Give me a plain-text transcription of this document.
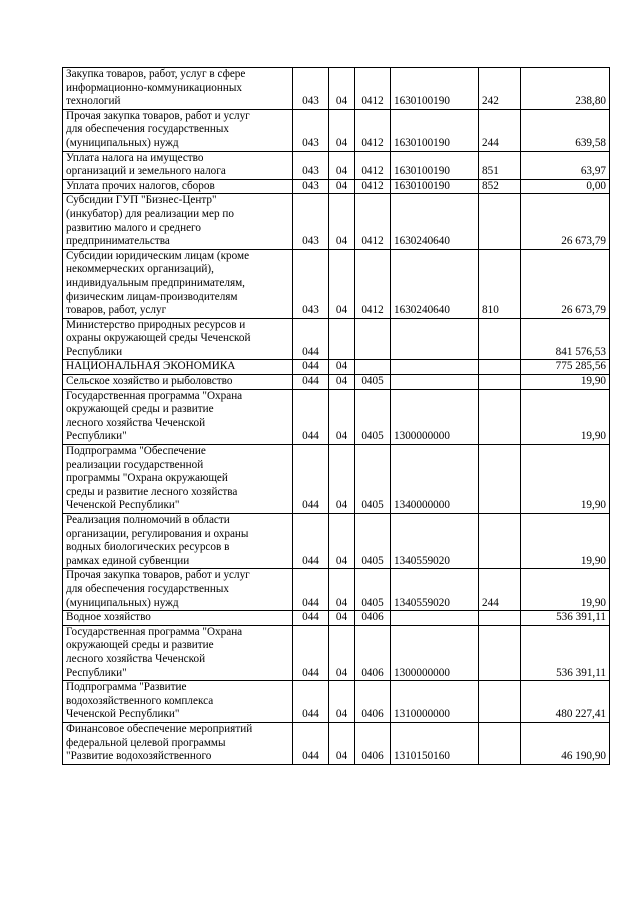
Закупка товаров, работ, услуг в сфере
информационно-коммуникационных
технологий	043	04	0412	1630100190	242	238,80
Прочая закупка товаров, работ и услуг
для обеспечения государственных
(муниципальных) нужд	043	04	0412	1630100190	244	639,58
Уплата налога на имущество
организаций и земельного налога	043	04	0412	1630100190	851	63,97
Уплата прочих налогов, сборов	043	04	0412	1630100190	852	0,00
Субсидии ГУП "Бизнес-Центр"
(инкубатор) для реализации мер по
развитию малого и среднего
предпринимательства	043	04	0412	1630240640		26 673,79
Субсидии юридическим лицам (кроме
некоммерческих организаций),
индивидуальным предпринимателям,
физическим лицам-производителям
товаров, работ, услуг	043	04	0412	1630240640	810	26 673,79
Министерство природных ресурсов и
охраны окружающей среды Чеченской
Республики	044					841 576,53
НАЦИОНАЛЬНАЯ ЭКОНОМИКА	044	04				775 285,56
Сельское хозяйство и рыболовство	044	04	0405			19,90
Государственная программа "Охрана
окружающей среды и развитие
лесного хозяйства Чеченской
Республики"	044	04	0405	1300000000		19,90
Подпрограмма "Обеспечение
реализации государственной
программы "Охрана окружающей
среды и развитие лесного хозяйства
Чеченской Республики"	044	04	0405	1340000000		19,90
Реализация полномочий в области
организации, регулирования и охраны
водных биологических ресурсов в
рамках единой субвенции	044	04	0405	1340559020		19,90
Прочая закупка товаров, работ и услуг
для обеспечения государственных
(муниципальных) нужд	044	04	0405	1340559020	244	19,90
Водное хозяйство	044	04	0406			536 391,11
Государственная программа "Охрана
окружающей среды и развитие
лесного хозяйства Чеченской
Республики"	044	04	0406	1300000000		536 391,11
Подпрограмма "Развитие
водохозяйственного комплекса
Чеченской Республики"	044	04	0406	1310000000		480 227,41
Финансовое обеспечение мероприятий
федеральной целевой программы
"Развитие водохозяйственного	044	04	0406	1310150160		46 190,90
